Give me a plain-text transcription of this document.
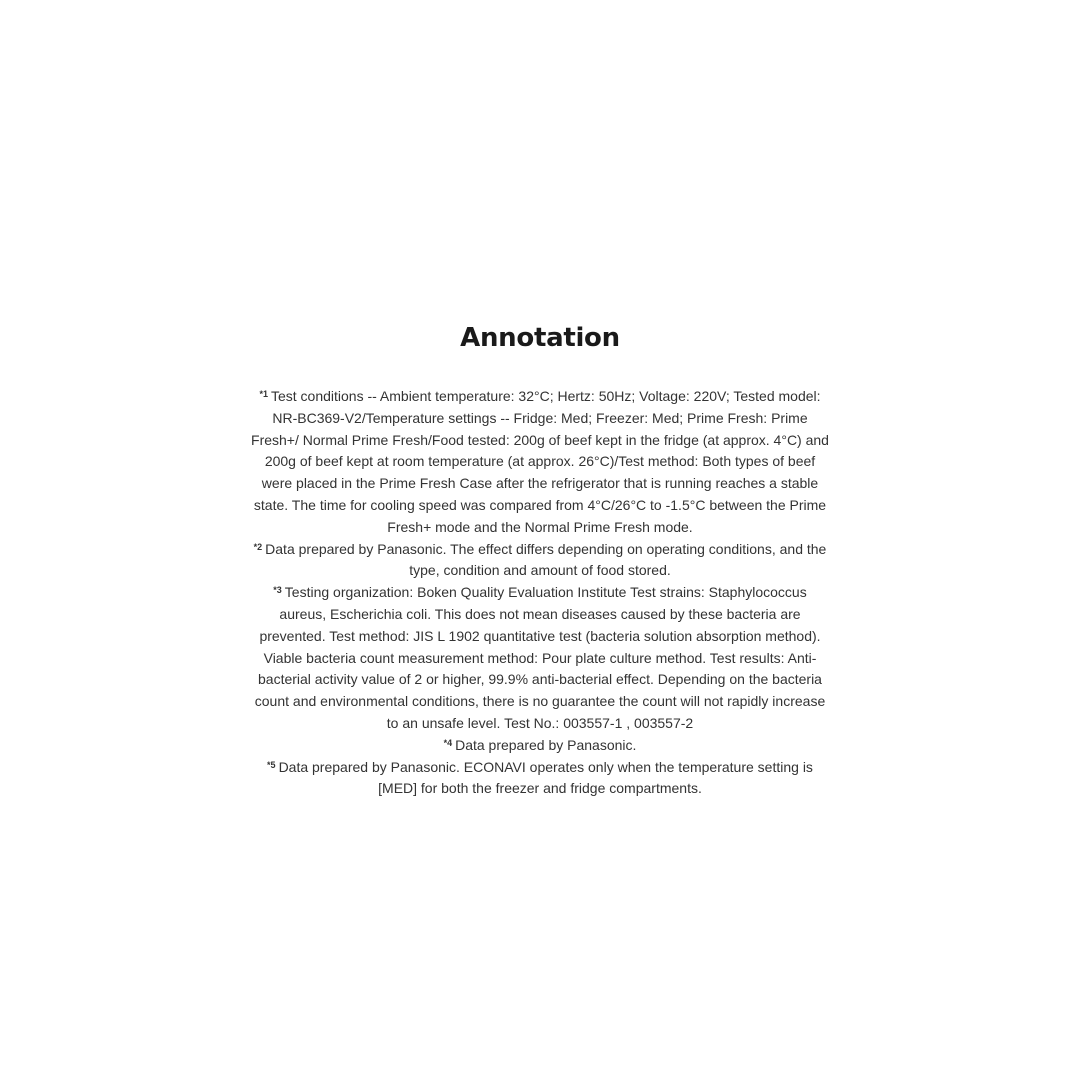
Annotation

$^{*1}$ Test conditions -- Ambient temperature: 32°C; Hertz: 50Hz; Voltage: 220V; Tested model: NR-BC369-V2/Temperature settings -- Fridge: Med; Freezer: Med; Prime Fresh: Prime Fresh+/ Normal Prime Fresh/Food tested: 200g of beef kept in the fridge (at approx. 4°C) and 200g of beef kept at room temperature (at approx. 26°C)/Test method: Both types of beef were placed in the Prime Fresh Case after the refrigerator that is running reaches a stable state. The time for cooling speed was compared from 4°C/26°C to -1.5°C between the Prime Fresh+ mode and the Normal Prime Fresh mode.

$^{*2}$ Data prepared by Panasonic. The effect differs depending on operating conditions, and the type, condition and amount of food stored.

$^{*3}$ Testing organization: Boken Quality Evaluation Institute Test strains: Staphylococcus aureus, Escherichia coli. This does not mean diseases caused by these bacteria are prevented. Test method: JIS L 1902 quantitative test (bacteria solution absorption method). Viable bacteria count measurement method: Pour plate culture method. Test results: Anti-bacterial activity value of 2 or higher, 99.9% anti-bacterial effect. Depending on the bacteria count and environmental conditions, there is no guarantee the count will not rapidly increase to an unsafe level. Test No.: 003557-1 , 003557-2

$^{*4}$ Data prepared by Panasonic.

$^{*5}$ Data prepared by Panasonic. ECONAVI operates only when the temperature setting is [MED] for both the freezer and fridge compartments.
